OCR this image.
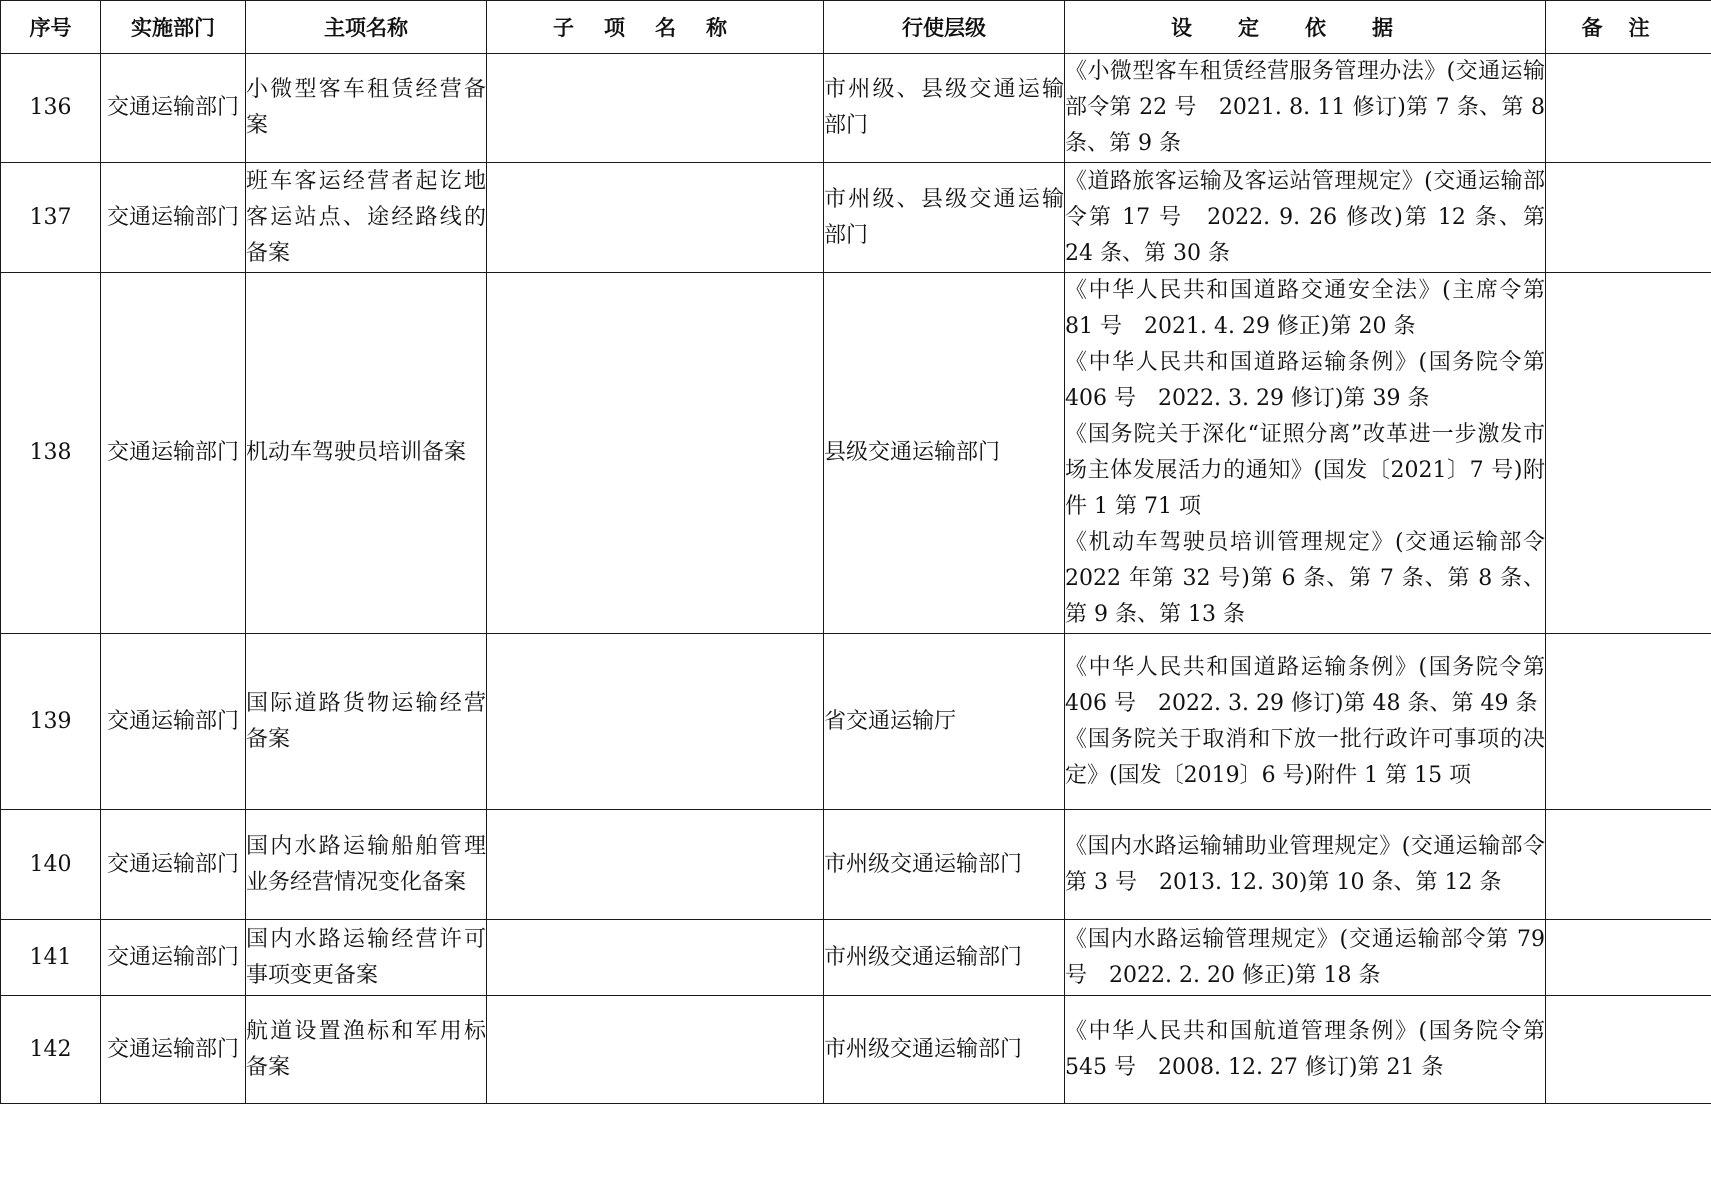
序号	实施部门	主项名称	子项名称	行使层级	设定依据	备注
136	交通运输部门	小微型客车租赁经营备案		市州级、县级交通运输部门	《小微型客车租赁经营服务管理办法》(交通运输部令第 22 号　2021. 8. 11 修订)第 7 条、第 8 条、第 9 条	

137	交通运输部门	班车客运经营者起讫地客运站点、途经路线的备案		市州级、县级交通运输部门	《道路旅客运输及客运站管理规定》(交通运输部令第 17 号　2022. 9. 26 修改)第 12 条、第 24 条、第 30 条	

138	交通运输部门	机动车驾驶员培训备案		县级交通运输部门	《中华人民共和国道路交通安全法》(主席令第 81 号　2021. 4. 29 修正)第 20 条
《中华人民共和国道路运输条例》(国务院令第 406 号　2022. 3. 29 修订)第 39 条
《国务院关于深化“证照分离”改革进一步激发市场主体发展活力的通知》(国发〔2021〕7 号)附件 1 第 71 项
《机动车驾驶员培训管理规定》(交通运输部令 2022 年第 32 号)第 6 条、第 7 条、第 8 条、第 9 条、第 13 条	

139	交通运输部门	国际道路货物运输经营备案		省交通运输厅	《中华人民共和国道路运输条例》(国务院令第 406 号　2022. 3. 29 修订)第 48 条、第 49 条
《国务院关于取消和下放一批行政许可事项的决定》(国发〔2019〕6 号)附件 1 第 15 项	

140	交通运输部门	国内水路运输船舶管理业务经营情况变化备案		市州级交通运输部门	《国内水路运输辅助业管理规定》(交通运输部令第 3 号　2013. 12. 30)第 10 条、第 12 条	

141	交通运输部门	国内水路运输经营许可事项变更备案		市州级交通运输部门	《国内水路运输管理规定》(交通运输部令第 79 号　2022. 2. 20 修正)第 18 条	

142	交通运输部门	航道设置渔标和军用标备案		市州级交通运输部门	《中华人民共和国航道管理条例》(国务院令第 545 号　2008. 12. 27 修订)第 21 条	
